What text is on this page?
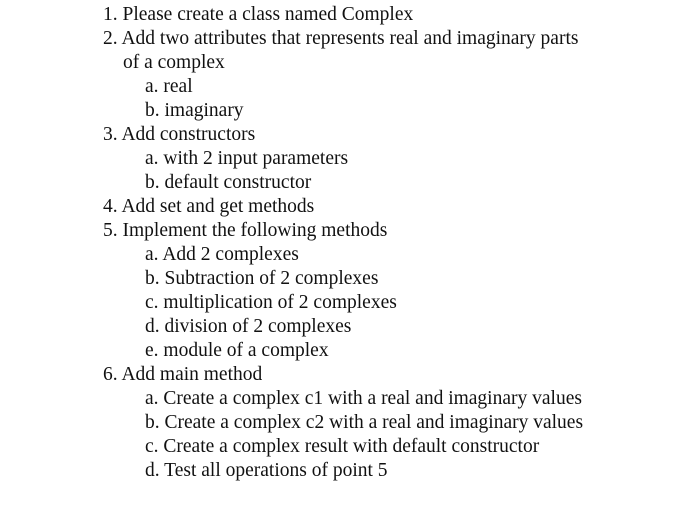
1. Please create a class named Complex
2. Add two attributes that represents real and imaginary parts
of a complex
a. real
b. imaginary
3. Add constructors
a. with 2 input parameters
b. default constructor
4. Add set and get methods
5. Implement the following methods
a. Add 2 complexes
b. Subtraction of 2 complexes
c. multiplication of 2 complexes
d. division of 2 complexes
e. module of a complex
6. Add main method
a. Create a complex c1 with a real and imaginary values
b. Create a complex c2 with a real and imaginary values
c. Create a complex result with default constructor
d. Test all operations of point 5
